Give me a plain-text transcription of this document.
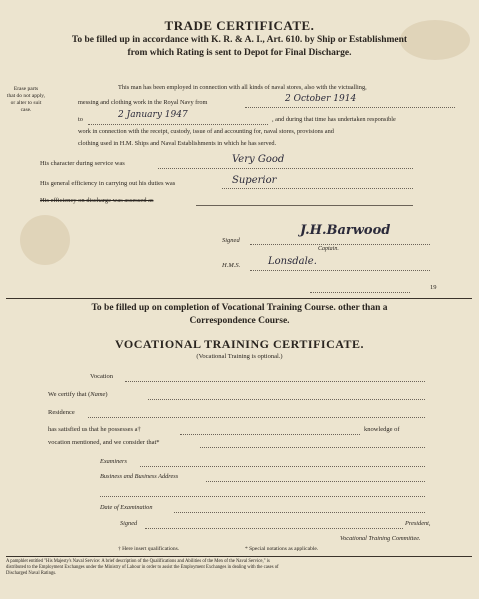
TRADE CERTIFICATE.
To be filled up in accordance with K. R. & A. I., Art. 610. by Ship or Establishment
from which Rating is sent to Depot for Final Discharge.
Erase parts
that do not apply,
or alter to suit
case.
This man has been employed in connection with all kinds of naval stores, also with the victualling,
messing and clothing work in the Royal Navy from	2 October 1914
to	2 January 1947	, and during that time has undertaken responsible
work in connection with the receipt, custody, issue of and accounting for, naval stores, provisions and
clothing used in H.M. Ships and Naval Establishments in which he has served.
His character during service was	Very Good
His general efficiency in carrying out his duties was	Superior
His efficiency on discharge was assessed as
Signed
J.H.Barwood
Captain.
H.M.S.	Lonsdale.
19
To be filled up on completion of Vocational Training Course. other than a
Correspondence Course.
VOCATIONAL TRAINING CERTIFICATE.
(Vocational Training is optional.)
Vocation
We certify that (Name)
Residence
has satisfied us that he possesses a†	knowledge of
vocation mentioned, and we consider that*
Examiners
Business and Business Address
Date of Examination
Signed	President,
Vocational Training Committee.
† Here insert qualifications.	* Special notations as applicable.
A pamphlet entitled "His Majesty's Naval Service: A brief description of the Qualifications and Abilities of the Men of the Naval Service," is
distributed to the Employment Exchanges under the Ministry of Labour in order to assist the Employment Exchanges in dealing with the cases of
Discharged Naval Ratings.
